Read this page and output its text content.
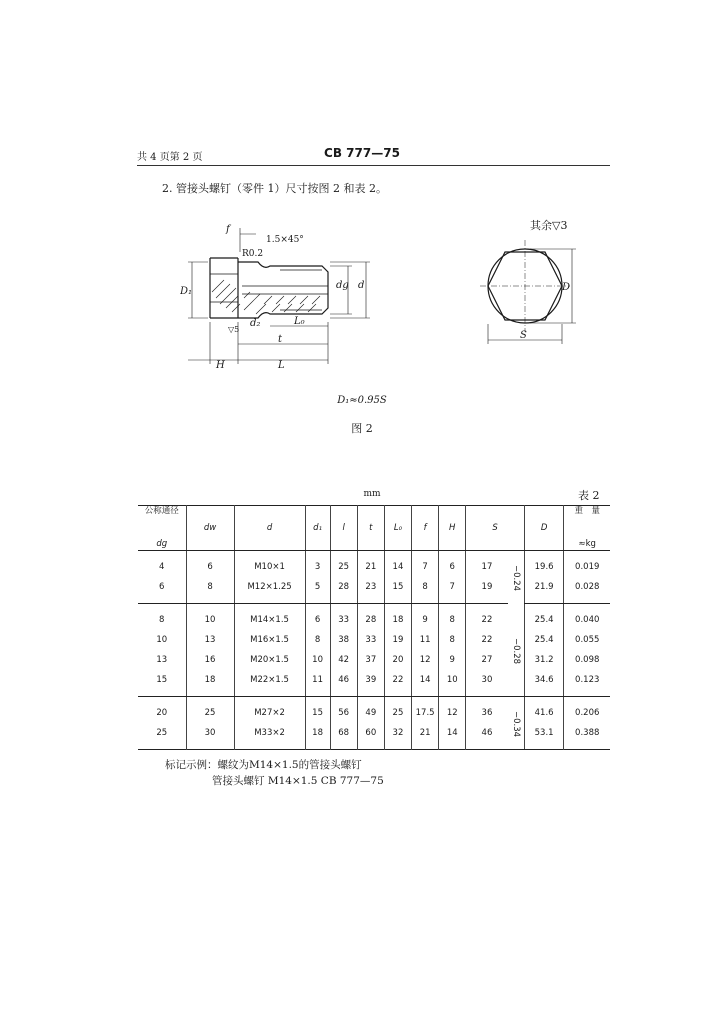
共 4 页第 2 页	CB 777—75
2. 管接头螺钉（零件 1）尺寸按图 2 和表 2。
其余▽3
f
1.5×45°
R0.2
D₁
dg d
▽5
d₂	L₀
t
H	L
D
S
D₁≈0.95S
图 2
mm	表 2
公称通径
dg	dw	d	d₁	l	t	L₀	f	H	S		D	重　量
≈kg

4	6	M10×1	3	25	21	14	7	6	17	−0.24	19.6	0.019
6	8	M12×1.25	5	28	23	15	8	7	19		21.9	0.028
8	10	M14×1.5	6	33	28	18	9	8	22	−0.28	25.4	0.040
10	13	M16×1.5	8	38	33	19	11	8	22		25.4	0.055
13	16	M20×1.5	10	42	37	20	12	9	27		31.2	0.098
15	18	M22×1.5	11	46	39	22	14	10	30		34.6	0.123
20	25	M27×2	15	56	49	25	17.5	12	36	−0.34	41.6	0.206
25	30	M33×2	18	68	60	32	21	14	46		53.1	0.388
标记示例：螺纹为M14×1.5的管接头螺钉
管接头螺钉 M14×1.5 CB 777—75
